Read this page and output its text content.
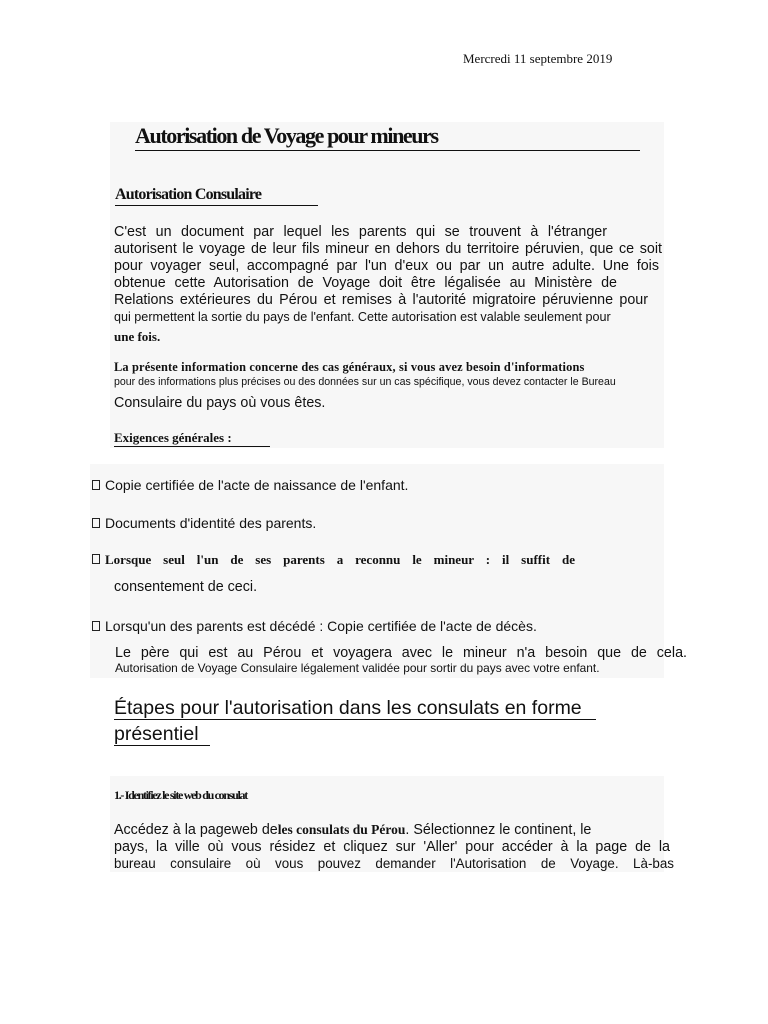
Mercredi 11 septembre 2019
Autorisation de Voyage pour mineurs
Autorisation Consulaire
C'est un document par lequel les parents qui se trouvent à l'étranger
autorisent le voyage de leur fils mineur en dehors du territoire péruvien, que ce soit
pour voyager seul, accompagné par l'un d'eux ou par un autre adulte. Une fois
obtenue cette Autorisation de Voyage doit être légalisée au Ministère de
Relations extérieures du Pérou et remises à l'autorité migratoire péruvienne pour
qui permettent la sortie du pays de l'enfant. Cette autorisation est valable seulement pour
une fois.
La présente information concerne des cas généraux, si vous avez besoin d'informations
pour des informations plus précises ou des données sur un cas spécifique, vous devez contacter le Bureau
Consulaire du pays où vous êtes.
Exigences générales :
Copie certifiée de l'acte de naissance de l'enfant.
Documents d'identité des parents.
Lorsque seul l'un de ses parents a reconnu le mineur : il suffit de
consentement de ceci.
Lorsqu'un des parents est décédé : Copie certifiée de l'acte de décès.
Le père qui est au Pérou et voyagera avec le mineur n'a besoin que de cela.
Autorisation de Voyage Consulaire légalement validée pour sortir du pays avec votre enfant.
Étapes pour l'autorisation dans les consulats en forme
présentiel
1.- Identifiez le site web du consulat
Accédez à la pageweb deles consulats du Pérou. Sélectionnez le continent, le
pays, la ville où vous résidez et cliquez sur 'Aller' pour accéder à la page de la
bureau consulaire où vous pouvez demander l'Autorisation de Voyage. Là-bas
